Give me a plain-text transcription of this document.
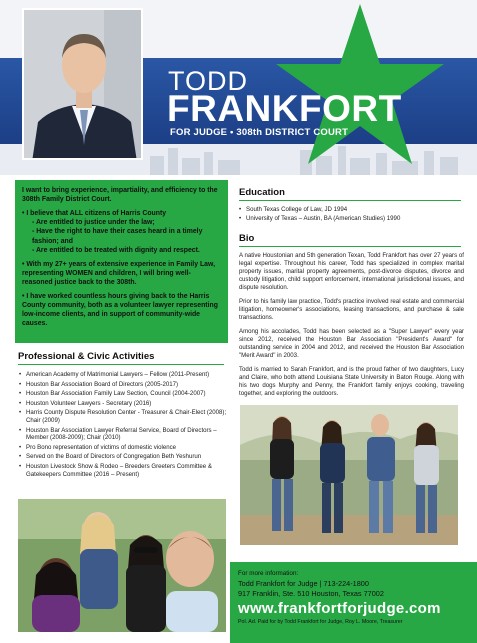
TODD
FRANKFORT
FOR JUDGE • 308th DISTRICT COURT

I want to bring experience, impartiality, and efficiency to the 308th Family District Court.

• I believe that ALL citizens of Harris County

- Are entitled to justice under the law;
- Have the right to have their cases heard in a timely fashion; and
- Are entitled to be treated with dignity and respect.

• With my 27+ years of extensive experience in Family Law, representing WOMEN and children, I will bring well-reasoned justice back to the 308th.

• I have worked countless hours giving back to the Harris County community, both as a volunteer lawyer representing low-income clients, and in support of community-wide causes.

Professional & Civic Activities
• American Academy of Matrimonial Lawyers – Fellow (2011-Present)
• Houston Bar Association Board of Directors (2005-2017)
• Houston Bar Association Family Law Section, Council (2004-2007)
• Houston Volunteer Lawyers - Secretary (2016)
• Harris County Dispute Resolution Center - Treasurer & Chair-Elect (2008); Chair (2009)
• Houston Bar Association Lawyer Referral Service, Board of Directors – Member (2008-2009); Chair (2010)
• Pro Bono representation of victims of domestic violence
• Served on the Board of Directors of Congregation Beth Yeshurun
• Houston Livestock Show & Rodeo – Breeders Greeters Committee & Gatekeepers Committee (2016 – Present)
Education
• South Texas College of Law, JD 1994
• University of Texas – Austin, BA (American Studies) 1990
Bio

A native Houstonian and 5th generation Texan, Todd Frankfort has over 27 years of legal expertise. Throughout his career, Todd has specialized in complex marital property issues, marital property agreements, post-divorce disputes, divorce and custody litigation, child support enforcement, international jurisdictional issues, and dispute resolution.

Prior to his family law practice, Todd's practice involved real estate and commercial litigation, homeowner's associations, leasing transactions, and purchase & sale transactions.

Among his accolades, Todd has been selected as a "Super Lawyer" every year since 2012, received the Houston Bar Association "President's Award" for outstanding service in 2004 and 2012, and received the Houston Bar Association "Merit Award" in 2003.

Todd is married to Sarah Frankfort, and is the proud father of two daughters, Lucy and Claire, who both attend Louisiana State University in Baton Rouge. Along with his two dogs Murphy and Penny, the Frankfort family enjoys cooking, traveling together, and exploring the outdoors.

For more information:
Todd Frankfort for Judge | 713-224-1800
917 Franklin, Ste. 510 Houston, Texas 77002
www.frankfortforjudge.com
Pol. Ad. Paid for by Todd Frankfort for Judge, Roy L. Moore, Treasurer
